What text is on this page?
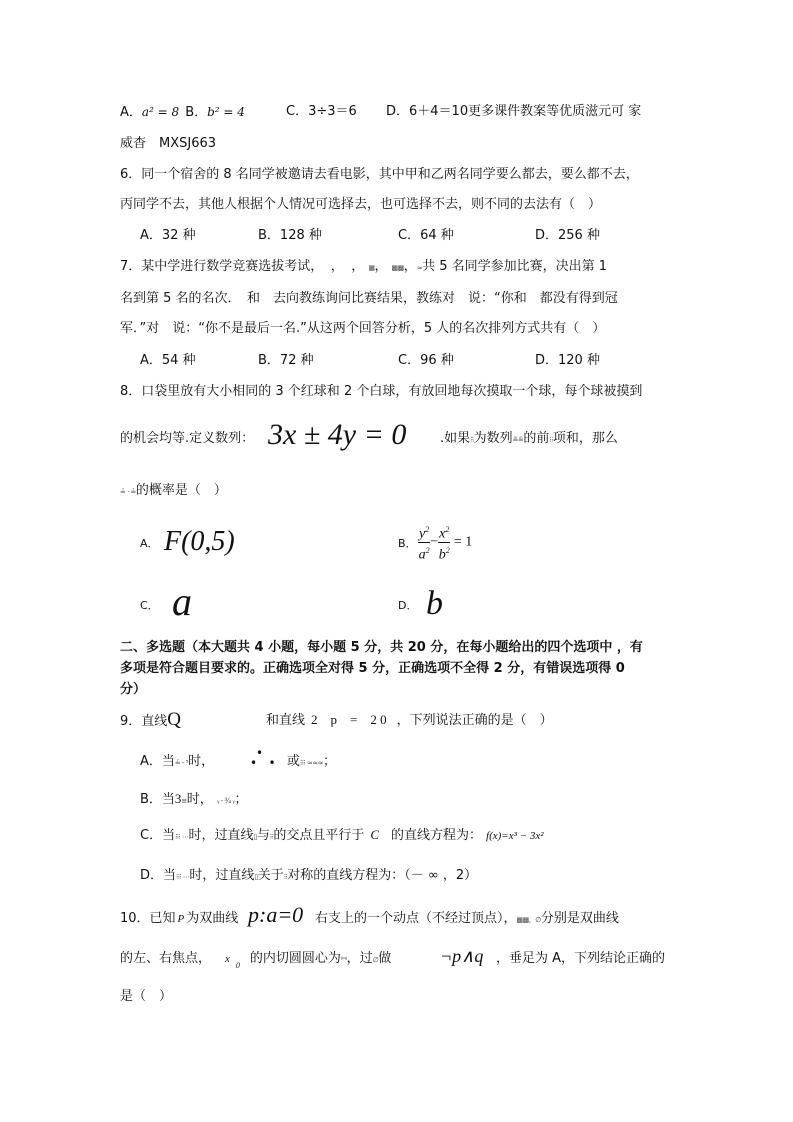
A．a² = 8 B．b² = 4	C．3÷3＝6 D．6＋4＝10更多课件教案等优质滋元可 家
威杳　MXSJ663
6．同一个宿舍的 8 名同学被邀请去看电影，其中甲和乙两名同学要么都去，要么都不去，
丙同学不去，其他人根据个人情况可选择去，也可选择不去，则不同的去法有（　）
A．32 种	B．128 种	C．64 种	D．256 种
7．某中学进行数学竞赛选拔考试， ， ， ▦， ▩▩，≈共 5 名同学参加比赛，决出第 1
名到第 5 名的名次．　和　去向教练询问比赛结果，教练对　说：“你和　都没有得到冠
军．”对　说：“你不是最后一名.”从这两个回答分析，5 人的名次排列方式共有（　）
A．54 种	B．72 种	C．96 种	D．120 种
8．口袋里放有大小相同的 3 个红球和 2 个白球，有放回地每次摸取一个球，每个球被摸到
的机会均等.定义数列： 3x ± 4y = 0	.如果⁝⁝为数列≞≞的前⁝⁝项和，那么
≟ · ≟的概率是（　）
A． F(0,5)	B． $\frac{y^2}{a^2} - \frac{x^2}{b^2} = 1$
C． a	D． b
二、多选题（本大题共 4 小题，每小题 5 分，共 20 分，在每小题给出的四个选项中 ，有
多项是符合题目要求的。正确选项全对得 5 分，正确选项不全得 2 分，有错误选项得 0
分）
9．直线Q	和直线 2　p　=　2 0 ，下列说法正确的是（　）
A．当≟ - ⁵时，
•
•   • 或⁝⁝⁝ ≈≈≈；
B．当3≡时， ᵧ - ¾ ᵧ；
C．当⁝⁝⁝ ⋯时，过直线▯与⁝⁝的交点且平行于 C 的直线方程为： f(x)=x³ − 3x²
D．当⁝⁝⁝ ⋯时，过直线▯关于⁝⁝对称的直线方程为：（－ ∞ ，2）
10．已知 P 为双曲线 p:a=0 右支上的一个动点（不经过顶点），▩▩，∅分别是双曲线
的左、右焦点， $x_0$ 的内切圆圆心为⁽ᴹ⁾，过∅做	¬p∧q ，垂足为 A，下列结论正确的
是（　）
